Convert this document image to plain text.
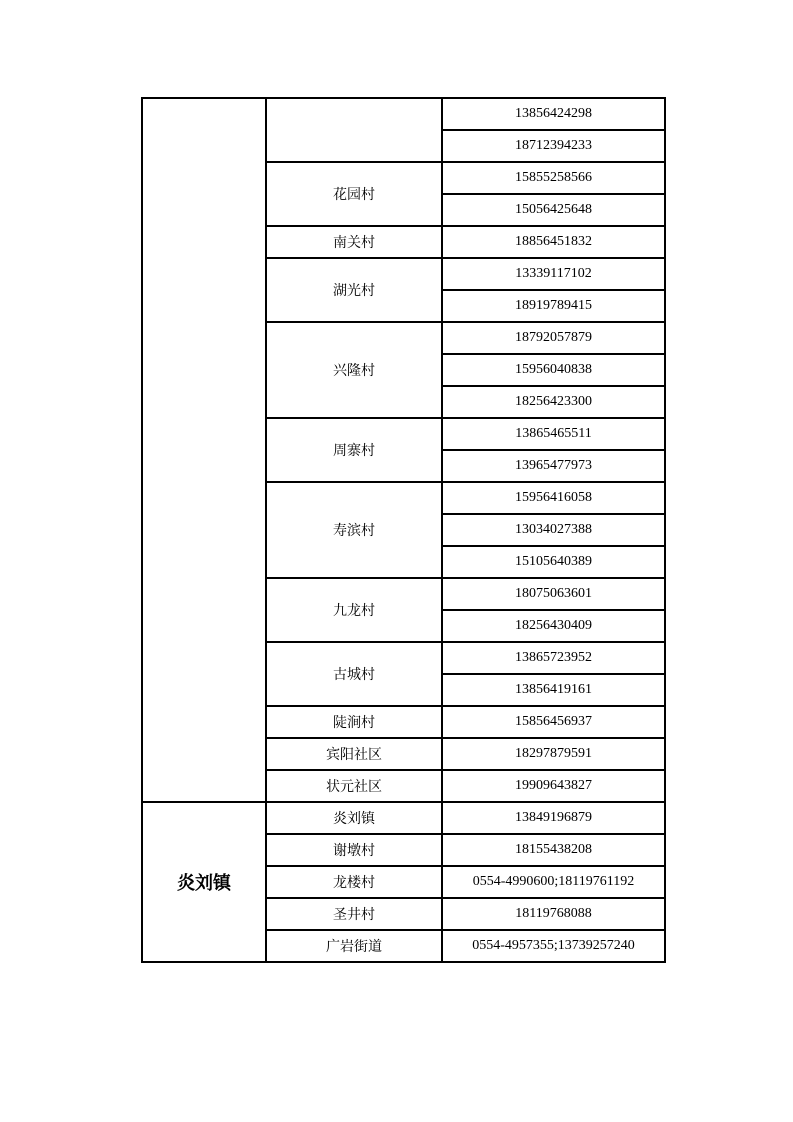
		13856424298
		18712394233
	花园村	15855258566
		15056425648
	南关村	18856451832
	湖光村	13339117102
		18919789415
	兴隆村	18792057879
		15956040838
		18256423300
	周寨村	13865465511
		13965477973
	寿滨村	15956416058
		13034027388
		15105640389
	九龙村	18075063601
		18256430409
	古城村	13865723952
		13856419161
	陡涧村	15856456937
	宾阳社区	18297879591
	状元社区	19909643827
炎刘镇	炎刘镇	13849196879
	谢墩村	18155438208
	龙楼村	0554-4990600;18119761192
	圣井村	18119768088
	广岩街道	0554-4957355;13739257240
